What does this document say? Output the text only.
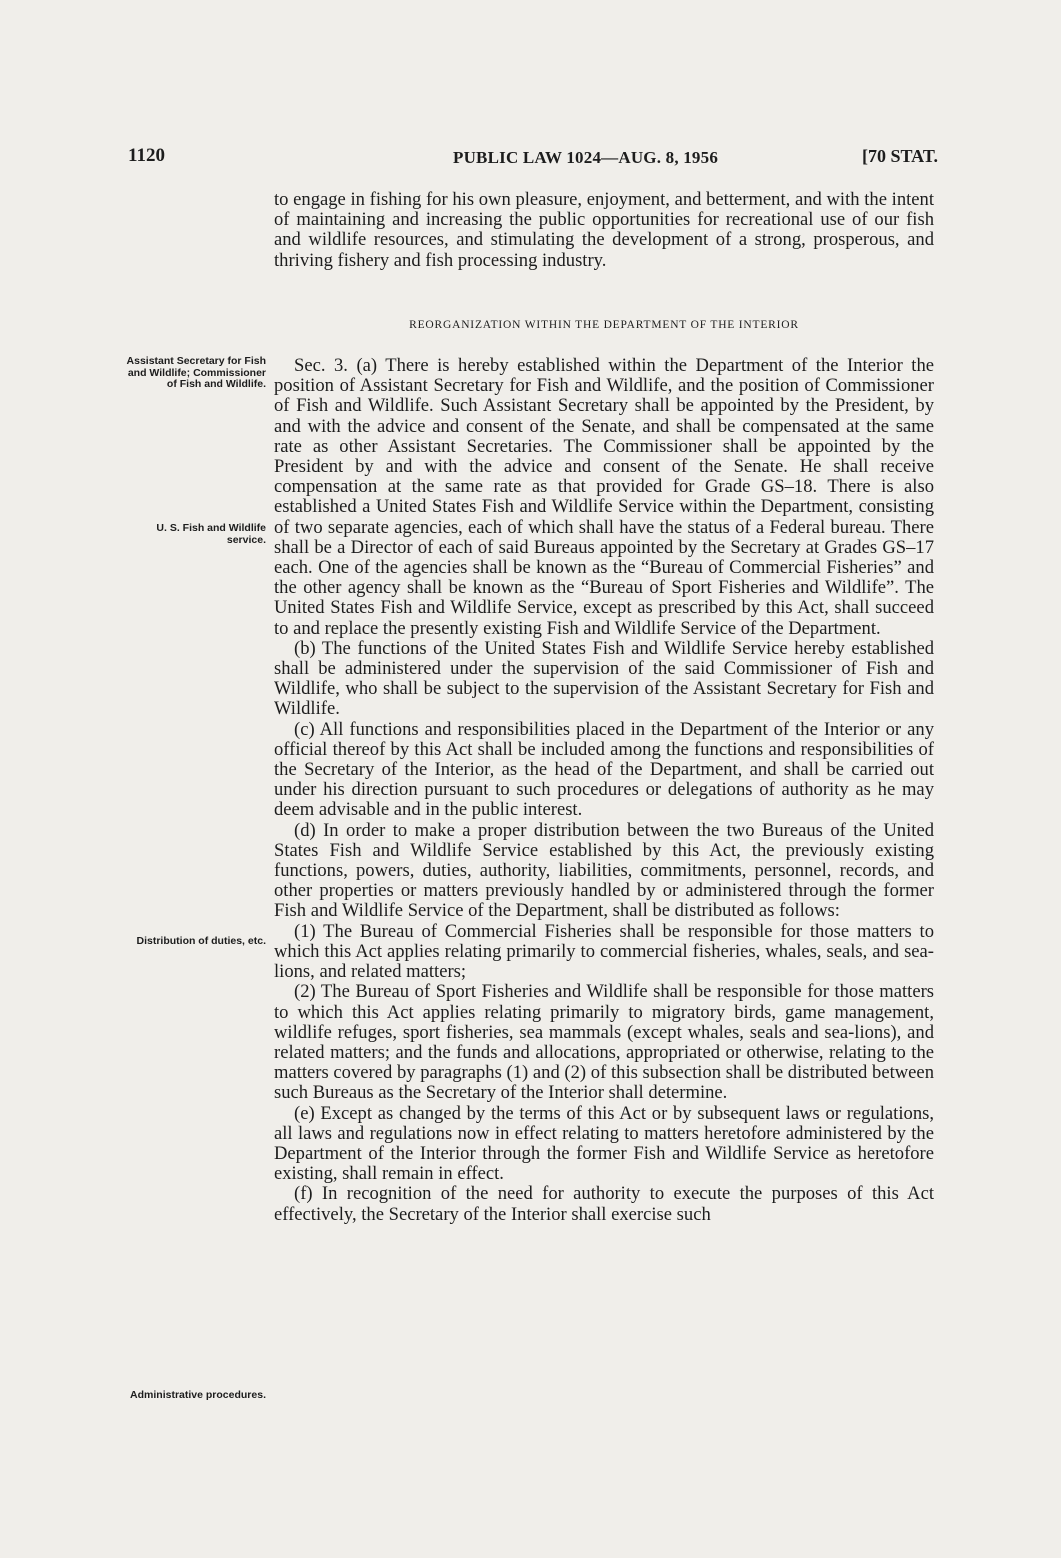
1120	PUBLIC LAW 1024—AUG. 8, 1956	[70 STAT.

to engage in fishing for his own pleasure, enjoyment, and betterment, and with the intent of maintaining and increasing the public opportunities for recreational use of our fish and wildlife resources, and stimulating the development of a strong, prosperous, and thriving fishery and fish processing industry.

REORGANIZATION WITHIN THE DEPARTMENT OF THE INTERIOR
Assistant Secretary for Fish and Wildlife; Commissioner of Fish and Wildlife.
U. S. Fish and Wildlife service.
Distribution of duties, etc.
Administrative procedures.

Sec. 3. (a) There is hereby established within the Department of the Interior the position of Assistant Secretary for Fish and Wildlife, and the position of Commissioner of Fish and Wildlife. Such Assistant Secretary shall be appointed by the President, by and with the advice and consent of the Senate, and shall be compensated at the same rate as other Assistant Secretaries. The Commissioner shall be appointed by the President by and with the advice and consent of the Senate. He shall receive compensation at the same rate as that provided for Grade GS–18. There is also established a United States Fish and Wildlife Service within the Department, consisting of two separate agencies, each of which shall have the status of a Federal bureau. There shall be a Director of each of said Bureaus appointed by the Secretary at Grades GS–17 each. One of the agencies shall be known as the “Bureau of Commercial Fisheries” and the other agency shall be known as the “Bureau of Sport Fisheries and Wildlife”. The United States Fish and Wildlife Service, except as prescribed by this Act, shall succeed to and replace the presently existing Fish and Wildlife Service of the Department.

(b) The functions of the United States Fish and Wildlife Service hereby established shall be administered under the supervision of the said Commissioner of Fish and Wildlife, who shall be subject to the supervision of the Assistant Secretary for Fish and Wildlife.

(c) All functions and responsibilities placed in the Department of the Interior or any official thereof by this Act shall be included among the functions and responsibilities of the Secretary of the Interior, as the head of the Department, and shall be carried out under his direction pursuant to such procedures or delegations of authority as he may deem advisable and in the public interest.

(d) In order to make a proper distribution between the two Bureaus of the United States Fish and Wildlife Service established by this Act, the previously existing functions, powers, duties, authority, liabilities, commitments, personnel, records, and other properties or matters previously handled by or administered through the former Fish and Wildlife Service of the Department, shall be distributed as follows:

(1) The Bureau of Commercial Fisheries shall be responsible for those matters to which this Act applies relating primarily to commercial fisheries, whales, seals, and sea-lions, and related matters;

(2) The Bureau of Sport Fisheries and Wildlife shall be responsible for those matters to which this Act applies relating primarily to migratory birds, game management, wildlife refuges, sport fisheries, sea mammals (except whales, seals and sea-lions), and related matters; and the funds and allocations, appropriated or otherwise, relating to the matters covered by paragraphs (1) and (2) of this subsection shall be distributed between such Bureaus as the Secretary of the Interior shall determine.

(e) Except as changed by the terms of this Act or by subsequent laws or regulations, all laws and regulations now in effect relating to matters heretofore administered by the Department of the Interior through the former Fish and Wildlife Service as heretofore existing, shall remain in effect.

(f) In recognition of the need for authority to execute the purposes of this Act effectively, the Secretary of the Interior shall exercise such
